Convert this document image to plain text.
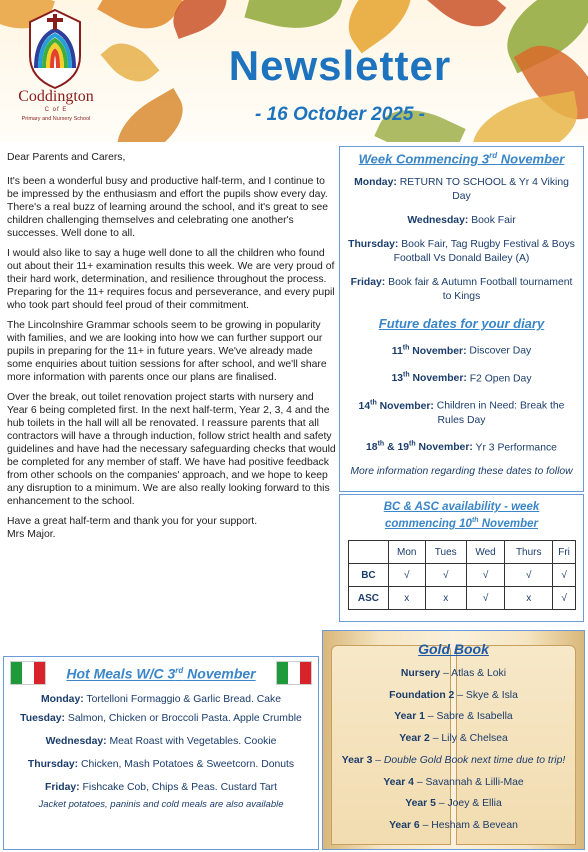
Coddington
C of E
Primary and Nursery School
Newsletter
- 16 October 2025 -

Dear Parents and Carers,

It's been a wonderful busy and productive half-term, and I continue to be impressed by the enthusiasm and effort the pupils show every day. There's a real buzz of learning around the school, and it's great to see children challenging themselves and celebrating one another's successes. Well done to all.

I would also like to say a huge well done to all the children who found out about their 11+ examination results this week. We are very proud of their hard work, determination, and resilience throughout the process. Preparing for the 11+ requires focus and perseverance, and every pupil who took part should feel proud of their commitment.

The Lincolnshire Grammar schools seem to be growing in popularity with families, and we are looking into how we can further support our pupils in preparing for the 11+ in future years. We've already made some enquiries about tuition sessions for after school, and we'll share more information with parents once our plans are finalised.

Over the break, out toilet renovation project starts with nursery and Year 6 being completed first. In the next half-term, Year 2, 3, 4 and the hub toilets in the hall will all be renovated. I reassure parents that all contractors will have a through induction, follow strict health and safety guidelines and have had the necessary safeguarding checks that would be completed for any member of staff. We have had positive feedback from other schools on the companies' approach, and we hope to keep any disruption to a minimum. We are also really looking forward to this enhancement to the school.

Have a great half-term and thank you for your support.
Mrs Major.

Week Commencing 3rd November
Monday: RETURN TO SCHOOL & Yr 4 Viking Day
Wednesday: Book Fair
Thursday: Book Fair, Tag Rugby Festival & Boys Football Vs Donald Bailey (A)
Friday: Book fair & Autumn Football tournament to Kings
Future dates for your diary
11th November: Discover Day
13th November: F2 Open Day
14th November: Children in Need: Break the Rules Day
18th & 19th November: Yr 3 Performance
More information regarding these dates to follow
BC & ASC availability - week
commencing 10th November
	Mon	Tues	Wed	Thurs	Fri
BC	√	√	√	√	√
ASC	x	x	√	x	√
Hot Meals W/C 3rd November
Monday: Tortelloni Formaggio & Garlic Bread. Cake
Tuesday: Salmon, Chicken or Broccoli Pasta. Apple Crumble
Wednesday: Meat Roast with Vegetables. Cookie
Thursday: Chicken, Mash Potatoes & Sweetcorn. Donuts
Friday: Fishcake Cob, Chips & Peas. Custard Tart
Jacket potatoes, paninis and cold meals are also available
Gold Book
Nursery – Atlas & Loki
Foundation 2 – Skye & Isla
Year 1 – Sabre & Isabella
Year 2 – Lily & Chelsea
Year 3 – Double Gold Book next time due to trip!
Year 4 – Savannah & Lilli-Mae
Year 5 – Joey & Ellia
Year 6 – Hesham & Bevean
